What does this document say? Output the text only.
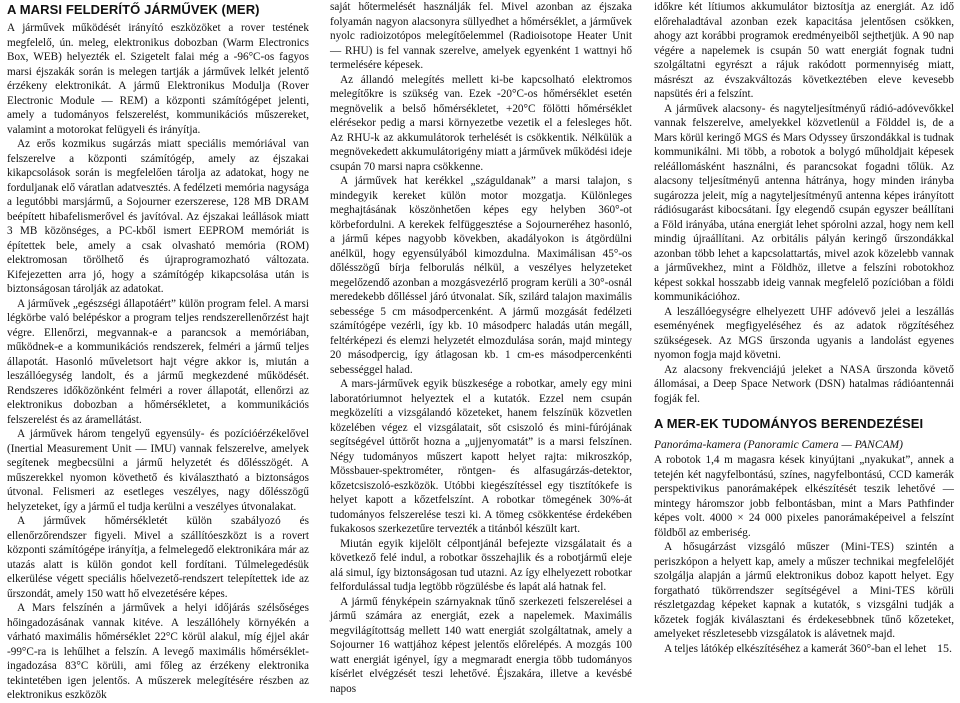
A MARSI FELDERÍTŐ JÁRMŰVEK (MER)

A járművek működését irányító eszközöket a rover testének megfelelő, ún. meleg, elektronikus dobozban (Warm Electronics Box, WEB) helyezték el. Szigetelt falai még a -96°C-os fagyos marsi éjszakák során is melegen tartják a járművek lelkét jelentő érzékeny elektronikát. A jármű Elektronikus Modulja (Rover Electronic Module — REM) a központi számítógépet jelenti, amely a tudományos felszerelést, kommunikációs műszereket, valamint a motorokat felügyeli és irányítja.

Az erős kozmikus sugárzás miatt speciális memóriával van felszerelve a központi számítógép, amely az éjszakai kikapcsolások során is megfelelően tárolja az adatokat, hogy ne forduljanak elő váratlan adatvesztés. A fedélzeti memória nagysága a legutóbbi marsjármű, a Sojourner ezerszerese, 128 MB DRAM beépített hibafelismerővel és javítóval. Az éjszakai leállások miatt 3 MB közönséges, a PC-kből ismert EEPROM memóriát is építettek bele, amely a csak olvasható memória (ROM) elektromosan törölhető és újraprogramozható változata. Kifejezetten arra jó, hogy a számítógép kikapcsolása után is biztonságosan tárolják az adatokat.

A járművek „egészségi állapotáért” külön program felel. A marsi légkörbe való belépéskor a program teljes rendszerellenőrzést hajt végre. Ellenőrzi, megvannak-e a parancsok a memóriában, működnek-e a kommunikációs rendszerek, felméri a jármű teljes állapotát. Hasonló műveletsort hajt végre akkor is, miután a leszállóegység landolt, és a jármű megkezdené működését. Rendszeres időközönként felméri a rover állapotát, ellenőrzi az elektronikus dobozban a hőmérsékletet, a kommunikációs felszerelést és az áramellátást.

A járművek három tengelyű egyensúly- és pozícióérzékelővel (Inertial Measurement Unit — IMU) vannak felszerelve, amelyek segítenek megbecsülni a jármű helyzetét és dőlésszögét. A műszerekkel nyomon követhető és kiválasztható a biztonságos útvonal. Felismeri az esetleges veszélyes, nagy dőlésszögű helyzeteket, így a jármű el tudja kerülni a veszélyes útvonalakat.

A járművek hőmérsékletét külön szabályozó és ellenőrzőrendszer figyeli. Mivel a szállítóeszközt is a rovert központi számítógépe irányítja, a felmelegedő elektronikára már az utazás alatt is külön gondot kell fordítani. Túlmelegedésük elkerülése végett speciális hőelvezető-rendszert telepítettek ide az űrszondát, amely 150 watt hő elvezetésére képes.

A Mars felszínén a járművek a helyi időjárás szélsőséges hőingadozásának vannak kitéve. A leszállóhely környékén a várható maximális hőmérséklet 22°C körül alakul, míg éjjel akár -99°C-ra is lehűlhet a felszín. A levegő maximális hőmérséklet-ingadozása 83°C körüli, ami főleg az érzékeny elektronika tekintetében igen jelentős. A műszerek melegítésére részben az elektronikus eszközök

saját hőtermelését használják fel. Mivel azonban az éjszaka folyamán nagyon alacsonyra süllyedhet a hőmérséklet, a járművek nyolc radioizotópos melegítőelemmel (Radioisotope Heater Unit — RHU) is fel vannak szerelve, amelyek egyenként 1 wattnyi hő termelésére képesek.

Az állandó melegítés mellett ki-be kapcsolható elektromos melegítőkre is szükség van. Ezek -20°C-os hőmérséklet esetén megnövelik a belső hőmérsékletet, +20°C fölötti hőmérséklet elérésekor pedig a marsi környezetbe vezetik el a felesleges hőt. Az RHU-k az akkumulátorok terhelését is csökkentik. Nélkülük a megnövekedett akkumulátorigény miatt a járművek működési ideje csupán 70 marsi napra csökkenne.

A járművek hat kerékkel „száguldanak” a marsi talajon, s mindegyik kereket külön motor mozgatja. Különleges meghajtásának köszönhetően képes egy helyben 360°-ot körbefordulni. A kerekek felfüggesztése a Sojourneréhez hasonló, a jármű képes nagyobb kövekben, akadályokon is átgördülni anélkül, hogy egyensúlyából kimozdulna. Maximálisan 45°-os dőlésszögű bírja felborulás nélkül, a veszélyes helyzeteket megelőzendő azonban a mozgásvezérlő program kerüli a 30°-osnál meredekebb dőlléssel járó útvonalat. Sík, szilárd talajon maximális sebessége 5 cm másodpercenként. A jármű mozgását fedélzeti számítógépe vezérli, így kb. 10 másodperc haladás után megáll, feltérképezi és elemzi helyzetét elmozdulása során, majd mintegy 20 másodpercig, így átlagosan kb. 1 cm-es másodpercenkénti sebességgel halad.

A mars-járművek egyik büszkesége a robotkar, amely egy mini laboratóriumnot helyeztek el a kutatók. Ezzel nem csupán megközelíti a vizsgálandó közeteket, hanem felszínük közvetlen közelében végez el vizsgálatait, sőt csiszoló és mini-fúrójának segítségével úttörőt hozna a „ujjenyomatát” is a marsi felszínen. Négy tudományos műszert kapott helyet rajta: mikroszkóp, Mössbauer-spektrométer, röntgen- és alfasugárzás-detektor, kőzetcsiszoló-eszközök. Utóbbi kiegészítéssel egy tisztítókefe is helyet kapott a kőzetfelszínt. A robotkar tömegének 30%-át tudományos felszerelése teszi ki. A tömeg csökkentése érdekében fukakosos szerkezetűre tervezték a titánból készült kart.

Miután egyik kijelölt célpontjánál befejezte vizsgálatait és a következő felé indul, a robotkar összehajlik és a robotjármű eleje alá simul, így biztonságosan tud utazni. Az így elhelyezett robotkar felfordulással tudja legtöbb rögzülésbe és lapát alá hatnak fel.

A jármű fényképein szárnyaknak tűnő szerkezeti felszerelései a jármű számára az energiát, ezek a napelemek. Maximális megvilágítottság mellett 140 watt energiát szolgáltatnak, amely a Sojourner 16 wattjához képest jelentős előrelépés. A mozgás 100 watt energiát igényel, így a megmaradt energia több tudományos kísérlet elvégzését teszi lehetővé. Éjszakára, illetve a kevésbé napos

időkre két lítiumos akkumulátor biztosítja az energiát. Az idő előrehaladtával azonban ezek kapacitása jelentősen csökken, ahogy azt korábbi programok eredményeiből sejthetjük. A 90 nap végére a napelemek is csupán 50 watt energiát fognak tudni szolgáltatni egyrészt a rájuk rakódott pormennyiség miatt, másrészt az évszakváltozás következtében eleve kevesebb napsütés éri a felszínt.

A járművek alacsony- és nagyteljesítményű rádió-adóvevőkkel vannak felszerelve, amelyekkel közvetlenül a Földdel is, de a Mars körül keringő MGS és Mars Odyssey űrszondákkal is tudnak kommunikálni. Mi több, a robotok a bolygó műholdjait képesek reléállomásként használni, és parancsokat fogadni tőlük. Az alacsony teljesítményű antenna hátránya, hogy minden irányba sugározza jeleit, míg a nagyteljesítményű antenna képes irányított rádiósugarást kibocsátani. Így elegendő csupán egyszer beállítani a Föld irányába, utána energiát lehet spórolni azzal, hogy nem kell mindig újraállítani. Az orbitális pályán keringő űrszondákkal azonban több lehet a kapcsolattartás, mivel azok közelebb vannak a járművekhez, mint a Földhöz, illetve a felszíni robotokhoz képest sokkal hosszabb ideig vannak megfelelő pozícióban a földi kommunikációhoz.

A leszállóegységre elhelyezett UHF adóvevő jelei a leszállás eseményének megfigyeléséhez és az adatok rögzítéséhez szükségesek. Az MGS űrszonda ugyanis a landolást egyenes nyomon fogja majd követni.

Az alacsony frekvenciájú jeleket a NASA űrszonda követő állomásai, a Deep Space Network (DSN) hatalmas rádióantennái fogják fel.

A MER-EK TUDOMÁNYOS BERENDEZÉSEI
Panoráma-kamera (Panoramic Camera — PANCAM)

A robotok 1,4 m magasra kések kinyújtani „nyakukat”, annek a tetején két nagyfelbontású, színes, nagyfelbontású, CCD kamerák perspektivikus panorámaképek elkészítését teszik lehetővé — mintegy háromszor jobb felbontásban, mint a Mars Pathfinder képes volt. 4000 × 24 000 pixeles panorámaképeivel a felszínt földből az emberiség.

A hősugárzást vizsgáló műszer (Mini-TES) szintén a periszkópon a helyett kap, amely a műszer technikai megfelelőjét szolgálja alapján a jármű elektronikus doboz kapott helyet. Egy forgatható tükörrendszer segítségével a Mini-TES körüli részletgazdag képeket kapnak a kutatók, s vizsgálni tudják a kőzetek fogják kiválasztani és érdekesebbnek tűnő kőzeteket, amelyeket részletesebb vizsgálatok is alávetnek majd.

A teljes látókép elkészítéséhez a kamerát 360°-ban el lehet 15.
